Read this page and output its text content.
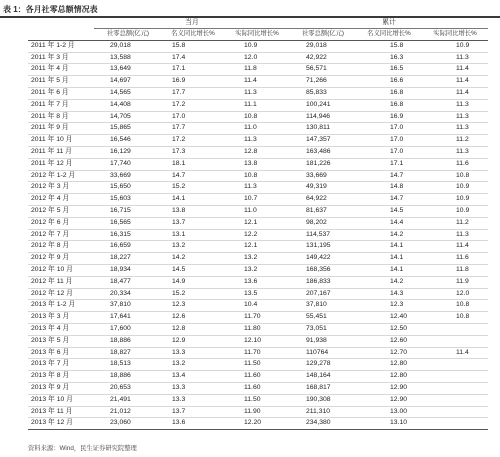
表 1：各月社零总额情况表
	当月			累计		
	社零总额(亿元)	名义同比增长%	实际同比增长%	社零总额(亿元)	名义同比增长%	实际同比增长%
2011 年 1-2 月	29,018	15.8	10.9	29,018	15.8	10.9
2011 年 3 月	13,588	17.4	12.0	42,922	16.3	11.3
2011 年 4 月	13,649	17.1	11.8	56,571	16.5	11.4
2011 年 5 月	14,697	16.9	11.4	71,266	16.6	11.4
2011 年 6 月	14,565	17.7	11.3	85,833	16.8	11.4
2011 年 7 月	14,408	17.2	11.1	100,241	16.8	11.3
2011 年 8 月	14,705	17.0	10.8	114,946	16.9	11.3
2011 年 9 月	15,865	17.7	11.0	130,811	17.0	11.3
2011 年 10 月	16,546	17.2	11.3	147,357	17.0	11.2
2011 年 11 月	16,129	17.3	12.8	163,486	17.0	11.3
2011 年 12 月	17,740	18.1	13.8	181,226	17.1	11.6
2012 年 1-2 月	33,669	14.7	10.8	33,669	14.7	10.8
2012 年 3 月	15,650	15.2	11.3	49,319	14.8	10.9
2012 年 4 月	15,603	14.1	10.7	64,922	14.7	10.9
2012 年 5 月	16,715	13.8	11.0	81,637	14.5	10.9
2012 年 6 月	16,565	13.7	12.1	98,202	14.4	11.2
2012 年 7 月	16,315	13.1	12.2	114,537	14.2	11.3
2012 年 8 月	16,659	13.2	12.1	131,195	14.1	11.4
2012 年 9 月	18,227	14.2	13.2	149,422	14.1	11.6
2012 年 10 月	18,934	14.5	13.2	168,356	14.1	11.8
2012 年 11 月	18,477	14.9	13.6	186,833	14.2	11.9
2012 年 12 月	20,334	15.2	13.5	207,167	14.3	12.0
2013 年 1-2 月	37,810	12.3	10.4	37,810	12.3	10.8
2013 年 3 月	17,641	12.6	11.70	55,451	12.40	10.8
2013 年 4 月	17,600	12.8	11.80	73,051	12.50	
2013 年 5 月	18,886	12.9	12.10	91,938	12.60	
2013 年 6 月	18,827	13.3	11.70	110764	12.70	11.4
2013 年 7 月	18,513	13.2	11.50	129,278	12.80	
2013 年 8 月	18,886	13.4	11.60	148,164	12.80	
2013 年 9 月	20,653	13.3	11.60	168,817	12.90	
2013 年 10 月	21,491	13.3	11.50	190,308	12.90	
2013 年 11 月	21,012	13.7	11.90	211,310	13.00	
2013 年 12 月	23,060	13.6	12.20	234,380	13.10	
资料来源：Wind，民生证券研究院整理
